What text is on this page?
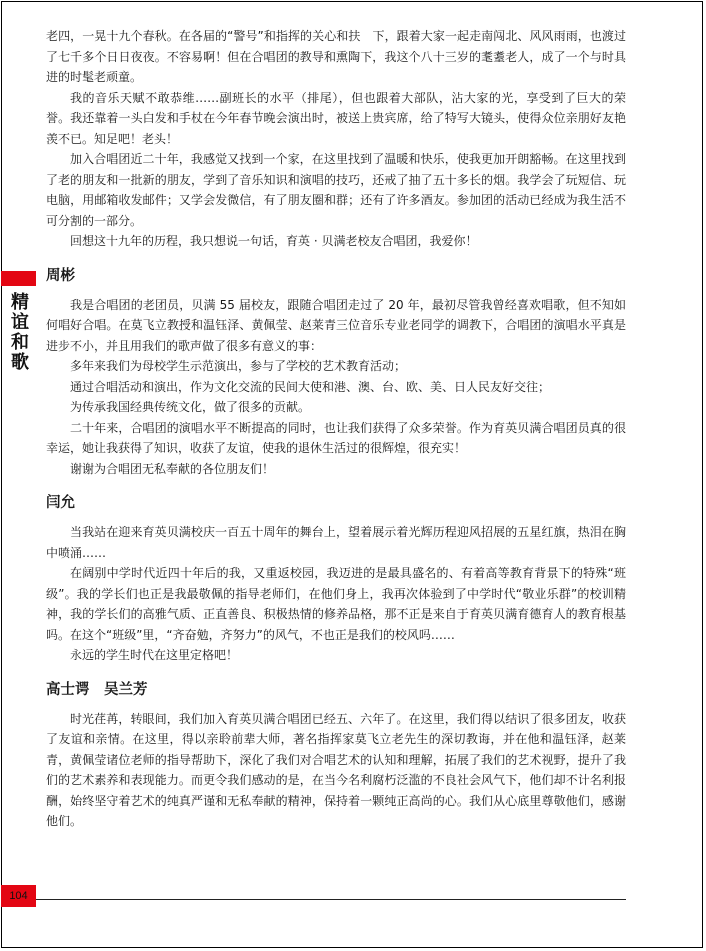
精
谊
和
歌

老四，一晃十九个春秋。在各届的“警号”和指挥的关心和扶　下，跟着大家一起走南闯北、风风雨雨，也渡过了七千多个日日夜夜。不容易啊！但在合唱团的教导和熏陶下，我这个八十三岁的耄耋老人，成了一个与时具进的时髦老顽童。

我的音乐天赋不敢恭维……副班长的水平（排尾），但也跟着大部队，沾大家的光，享受到了巨大的荣誉。我还靠着一头白发和手杖在今年春节晚会演出时，被送上贵宾席，给了特写大镜头，使得众位亲朋好友艳羡不已。知足吧！老头！

加入合唱团近二十年，我感觉又找到一个家，在这里找到了温暖和快乐，使我更加开朗豁畅。在这里找到了老的朋友和一批新的朋友，学到了音乐知识和演唱的技巧，还戒了抽了五十多长的烟。我学会了玩短信、玩电脑，用邮箱收发邮件；又学会发微信，有了朋友圈和群；还有了许多酒友。参加团的活动已经成为我生活不可分割的一部分。

回想这十九年的历程，我只想说一句话，育英 · 贝满老校友合唱团，我爱你！

周彬

我是合唱团的老团员，贝满 55 届校友，跟随合唱团走过了 20 年，最初尽管我曾经喜欢唱歌，但不知如何唱好合唱。在莫飞立教授和温钰泽、黄佩莹、赵莱青三位音乐专业老同学的调教下，合唱团的演唱水平真是进步不小，并且用我们的歌声做了很多有意义的事：

多年来我们为母校学生示范演出，参与了学校的艺术教育活动；

通过合唱活动和演出，作为文化交流的民间大使和港、澳、台、欧、美、日人民友好交往；

为传承我国经典传统文化，做了很多的贡献。

二十年来，合唱团的演唱水平不断提高的同时，也让我们获得了众多荣誉。作为育英贝满合唱团员真的很幸运，她让我获得了知识，收获了友谊，使我的退休生活过的很辉煌，很充实！

谢谢为合唱团无私奉献的各位朋友们！

闫允

当我站在迎来育英贝满校庆一百五十周年的舞台上，望着展示着光辉历程迎风招展的五星红旗，热泪在胸中喷涌……

在阔别中学时代近四十年后的我，又重返校园，我迈进的是最具盛名的、有着高等教育背景下的特殊“班级”。我的学长们也正是我最敬佩的指导老师们，在他们身上，我再次体验到了中学时代“敬业乐群”的校训精神，我的学长们的高雅气质、正直善良、积极热情的修养品格，那不正是来自于育英贝满育德育人的教育根基吗。在这个“班级”里，“齐奋勉，齐努力”的风气，不也正是我们的校风吗……

永远的学生时代在这里定格吧！

高士谔　吴兰芳

时光荏苒，转眼间，我们加入育英贝满合唱团已经五、六年了。在这里，我们得以结识了很多团友，收获了友谊和亲情。在这里，得以亲聆前辈大师，著名指挥家莫飞立老先生的深切教诲，并在他和温钰泽，赵莱青，黄佩莹诸位老师的指导帮助下，深化了我们对合唱艺术的认知和理解，拓展了我们的艺术视野，提升了我们的艺术素养和表现能力。而更令我们感动的是，在当今名利腐朽泛滥的不良社会风气下，他们却不计名利报酬，始终坚守着艺术的纯真严谨和无私奉献的精神，保持着一颗纯正高尚的心。我们从心底里尊敬他们，感谢他们。

104
